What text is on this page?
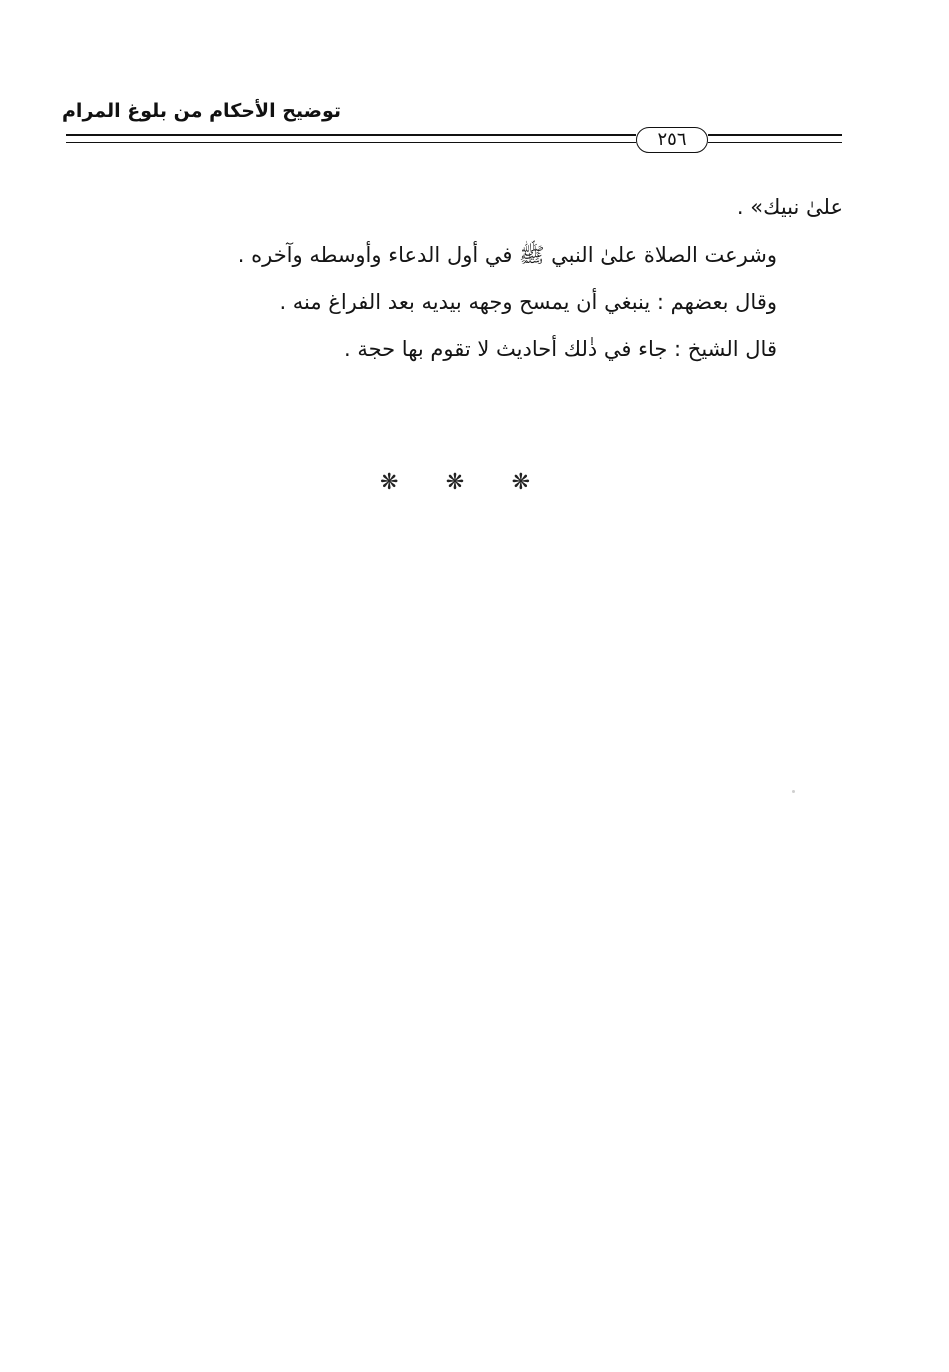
توضيح الأحكام من بلوغ المرام
٢٥٦
علىٰ نبيك» .
وشرعت الصلاة علىٰ النبي ﷺ في أول الدعاء وأوسطه وآخره .
وقال بعضهم : ينبغي أن يمسح وجهه بيديه بعد الفراغ منه .
قال الشيخ : جاء في ذٰلك أحاديث لا تقوم بها حجة .
❋ ❋ ❋
